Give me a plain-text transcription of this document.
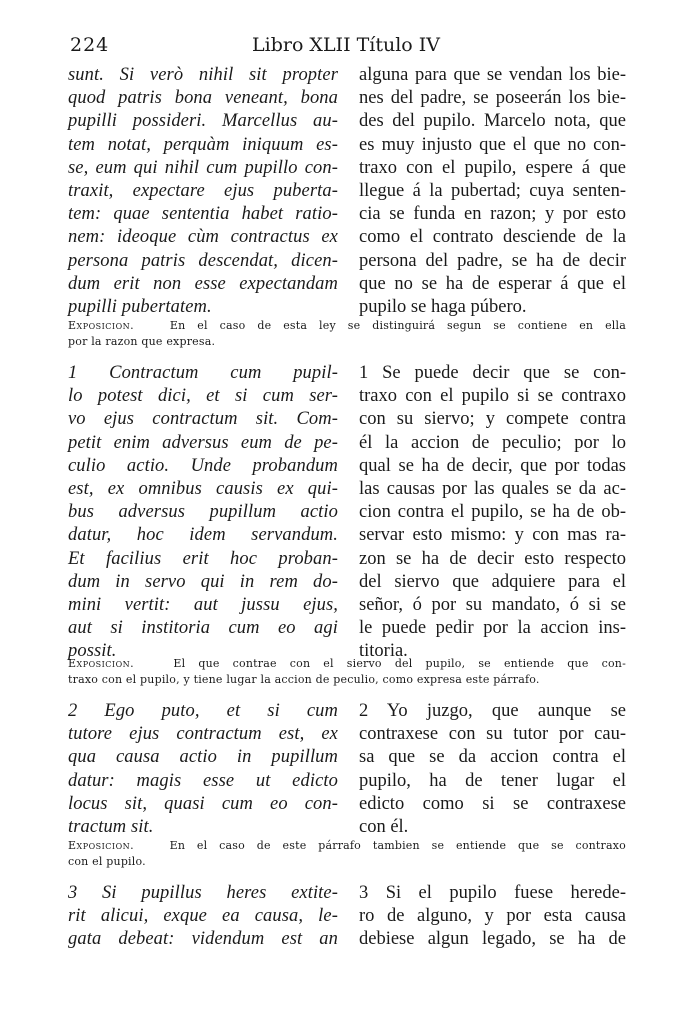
224	Libro XLII Título IV
sunt. Si verò nihil sit propter
quod patris bona veneant, bona
pupilli possideri. Marcellus au-
tem notat, perquàm iniquum es-
se, eum qui nihil cum pupillo con-
traxit, expectare ejus puberta-
tem: quae sententia habet ratio-
nem: ideoque cùm contractus ex
persona patris descendat, dicen-
dum erit non esse expectandam
pupilli pubertatem.
alguna para que se vendan los bie-
nes del padre, se poseerán los bie-
des del pupilo. Marcelo nota, que
es muy injusto que el que no con-
traxo con el pupilo, espere á que
llegue á la pubertad; cuya senten-
cia se funda en razon; y por esto
como el contrato desciende de la
persona del padre, se ha de decir
que no se ha de esperar á que el
pupilo se haga púbero.
Exposicion.	En el caso de esta ley se distinguirá segun se contiene en ella
por la razon que expresa.
1 Contractum cum pupil-
lo potest dici, et si cum ser-
vo ejus contractum sit. Com-
petit enim adversus eum de pe-
culio actio. Unde probandum
est, ex omnibus causis ex qui-
bus adversus pupillum actio
datur, hoc idem servandum.
Et facilius erit hoc proban-
dum in servo qui in rem do-
mini vertit: aut jussu ejus,
aut si institoria cum eo agi
possit.
1 Se puede decir que se con-
traxo con el pupilo si se contraxo
con su siervo; y compete contra
él la accion de peculio; por lo
qual se ha de decir, que por todas
las causas por las quales se da ac-
cion contra el pupilo, se ha de ob-
servar esto mismo: y con mas ra-
zon se ha de decir esto respecto
del siervo que adquiere para el
señor, ó por su mandato, ó si se
le puede pedir por la accion ins-
titoria.
Exposicion.	El que contrae con el siervo del pupilo, se entiende que con-
traxo con el pupilo, y tiene lugar la accion de peculio, como expresa este párrafo.
2 Ego puto, et si cum
tutore ejus contractum est, ex
qua causa actio in pupillum
datur: magis esse ut edicto
locus sit, quasi cum eo con-
tractum sit.
2 Yo juzgo, que aunque se
contraxese con su tutor por cau-
sa que se da accion contra el
pupilo, ha de tener lugar el
edicto como si se contraxese
con él.
Exposicion.	En el caso de este párrafo tambien se entiende que se contraxo
con el pupilo.
3 Si pupillus heres extite-
rit alicui, exque ea causa, le-
gata debeat: videndum est an
3 Si el pupilo fuese herede-
ro de alguno, y por esta causa
debiese algun legado, se ha de
